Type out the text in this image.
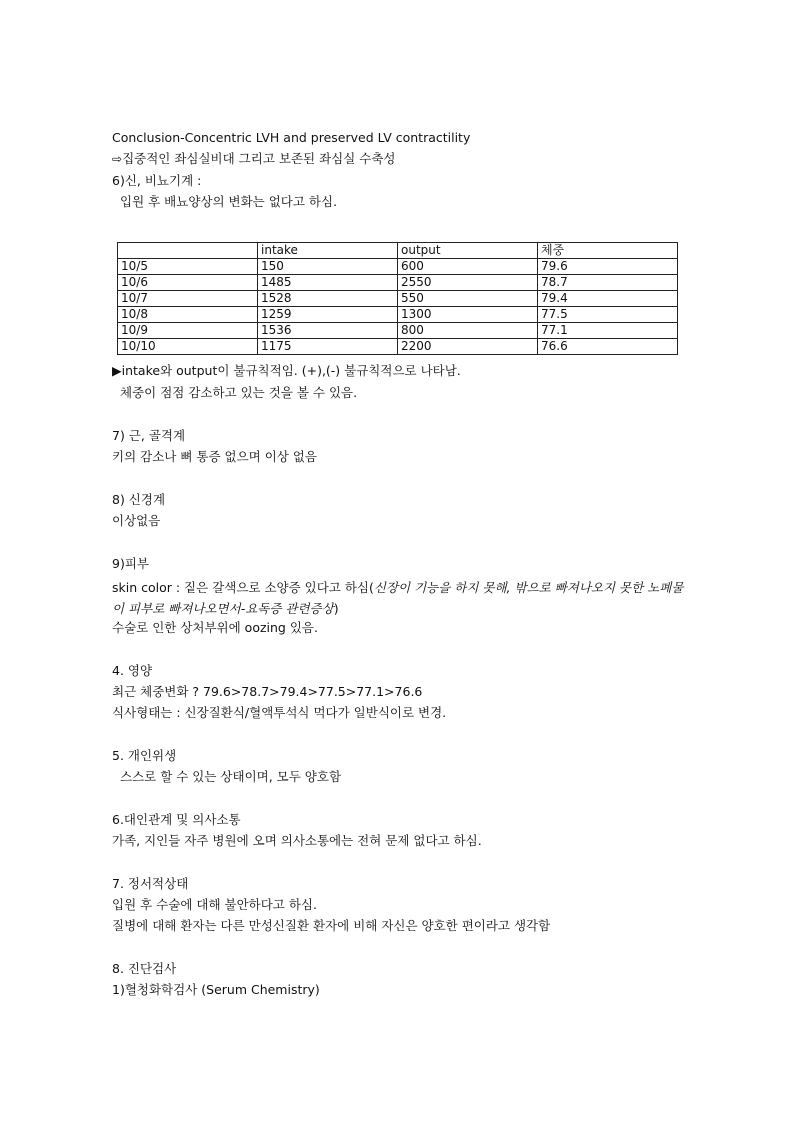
Conclusion-Concentric LVH and preserved LV contractility
⇨집중적인 좌심실비대 그리고 보존된 좌심실 수축성
6)신, 비뇨기계 :
입원 후 배뇨양상의 변화는 없다고 하심.
	intake	output	체중
10/5	150	600	79.6
10/6	1485	2550	78.7
10/7	1528	550	79.4
10/8	1259	1300	77.5
10/9	1536	800	77.1
10/10	1175	2200	76.6
▶intake와 output이 불규칙적임. (+),(-) 불규칙적으로 나타남.
체중이 점점 감소하고 있는 것을 볼 수 있음.
7) 근, 골격계
키의 감소나 뼈 통증 없으며 이상 없음
8) 신경계
이상없음
9)피부
skin color : 짙은 갈색으로 소양증 있다고 하심(신장이 기능을 하지 못해, 밖으로 빠져나오지 못한 노폐물이 피부로 빠져나오면서-요독증 관련증상)
수술로 인한 상처부위에 oozing 있음.
4. 영양
최근 체중변화 ? 79.6>78.7>79.4>77.5>77.1>76.6
식사형태는 : 신장질환식/혈액투석식 먹다가 일반식이로 변경.
5. 개인위생
스스로 할 수 있는 상태이며, 모두 양호함
6.대인관계 및 의사소통
가족, 지인들 자주 병원에 오며 의사소통에는 전혀 문제 없다고 하심.
7. 정서적상태
입원 후 수술에 대해 불안하다고 하심.
질병에 대해 환자는 다른 만성신질환 환자에 비해 자신은 양호한 편이라고 생각함
8. 진단검사
1)혈청화학검사 (Serum Chemistry)
